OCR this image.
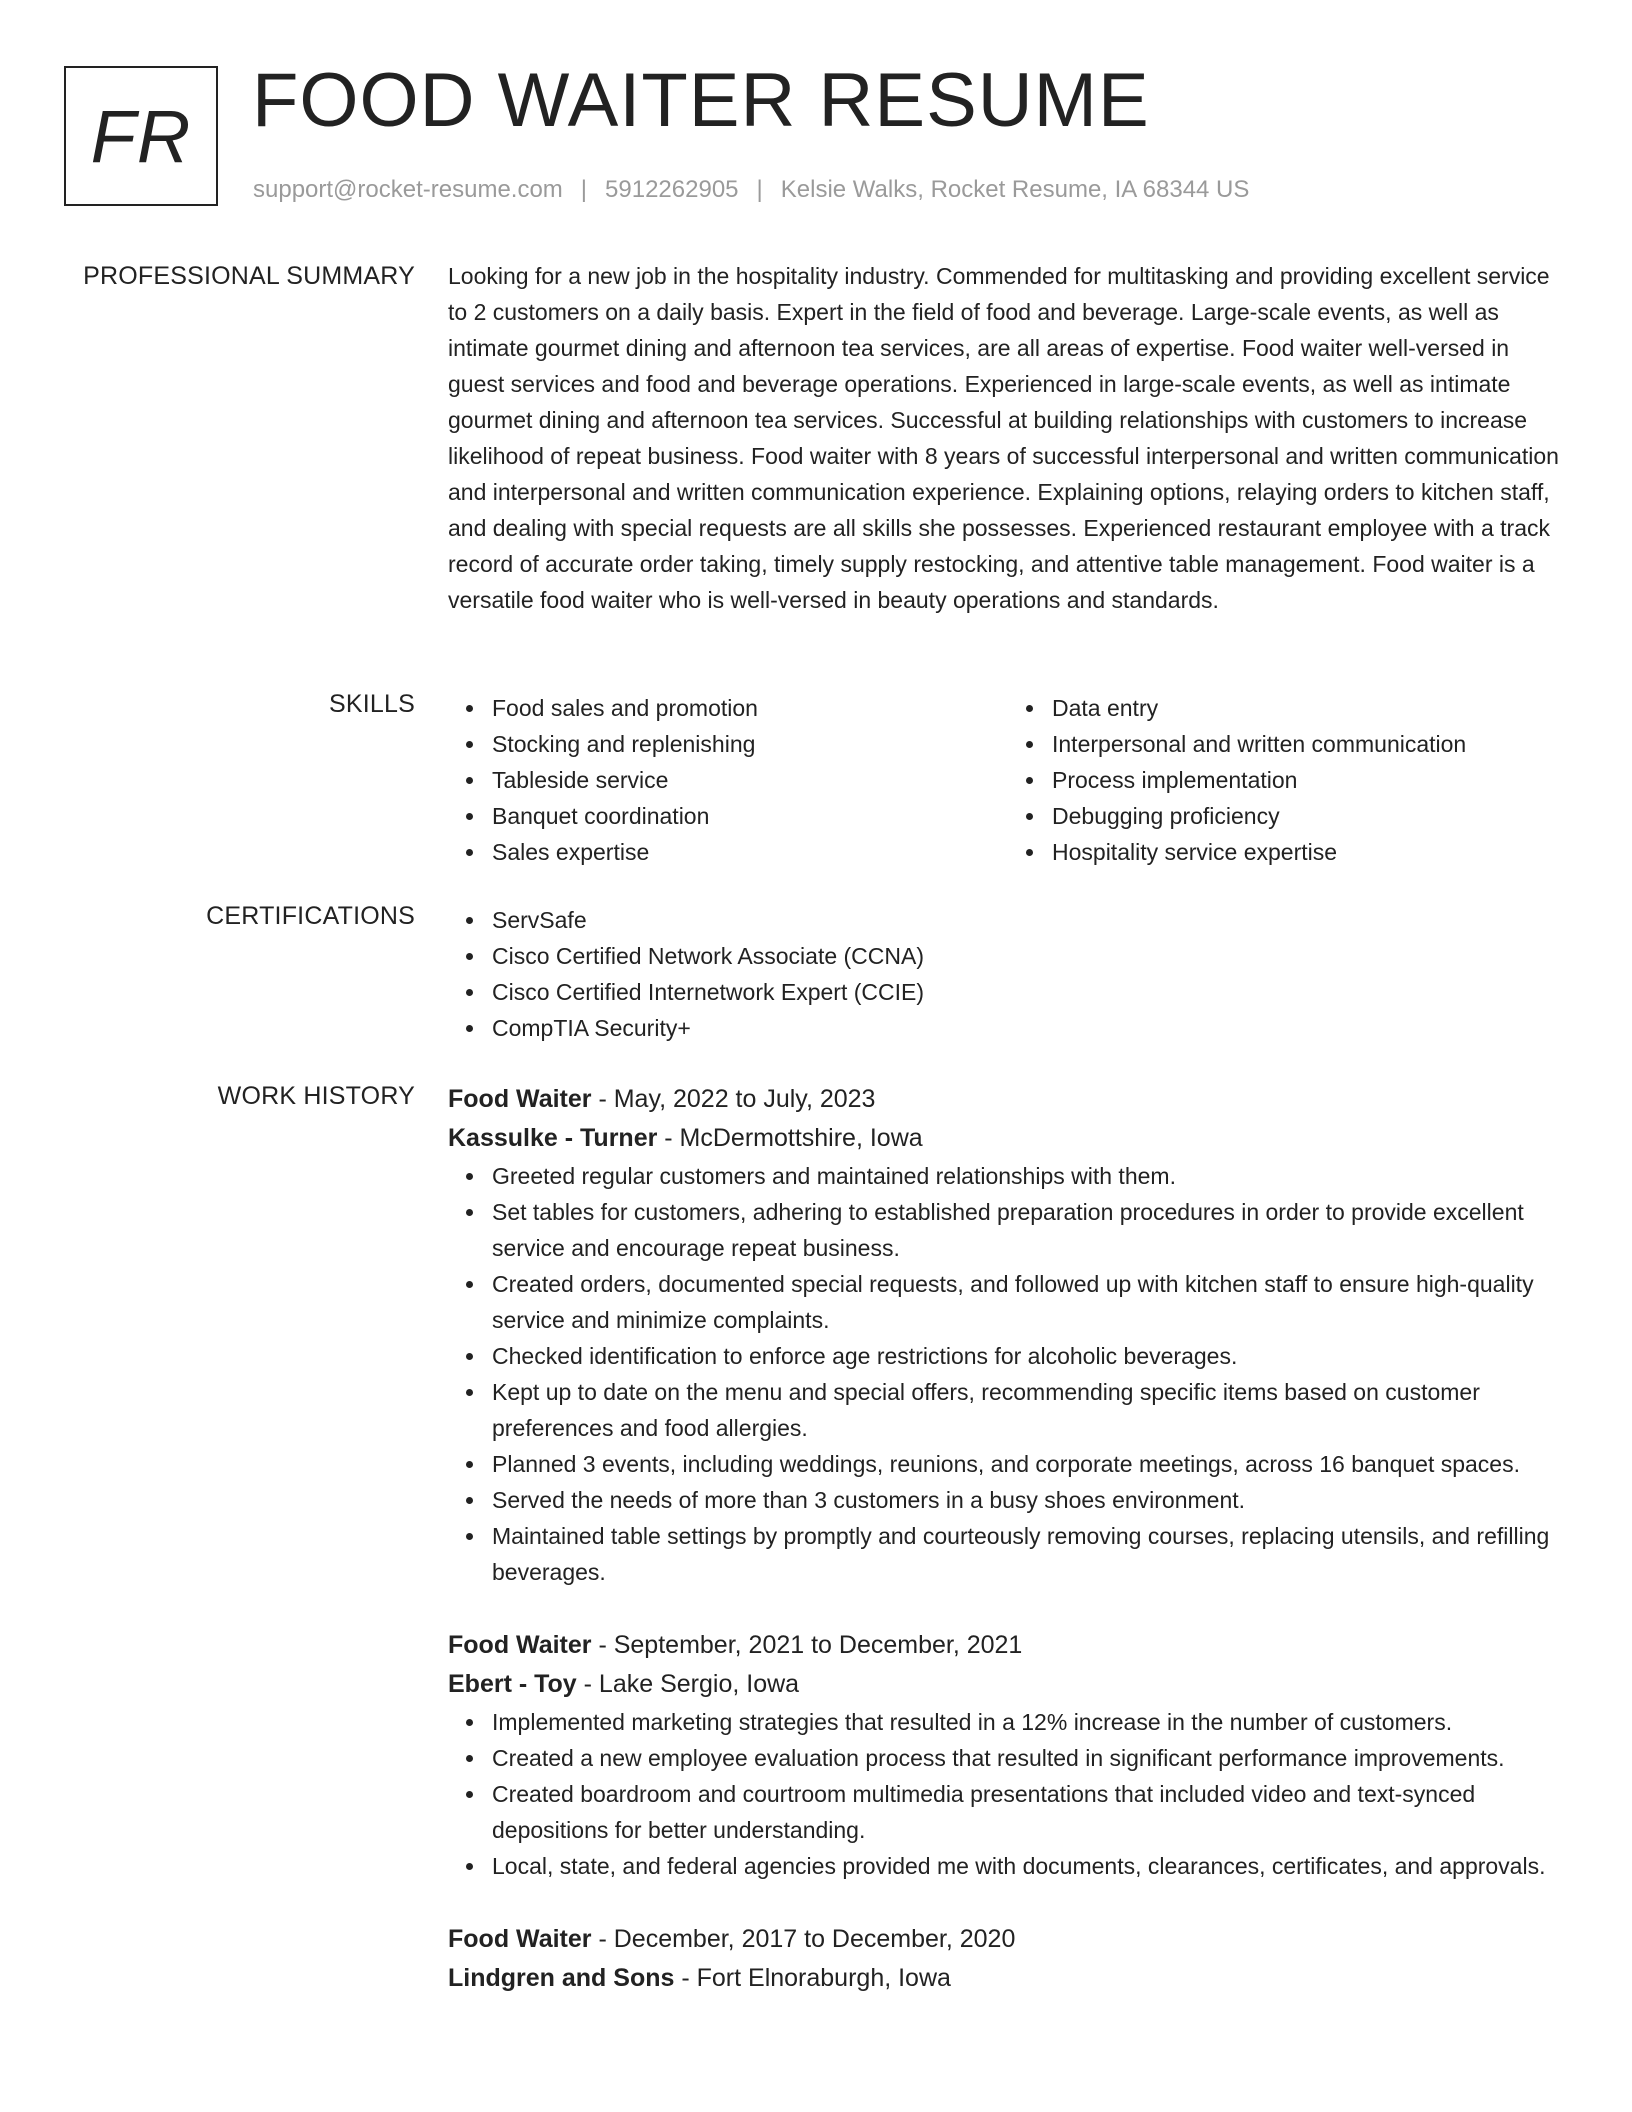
FR FOOD WAITER RESUME
support@rocket-resume.com | 5912262905 | Kelsie Walks, Rocket Resume, IA 68344 US
PROFESSIONAL SUMMARY Looking for a new job in the hospitality industry. Commended for multitasking and providing excellent service to 2 customers on a daily basis. Expert in the field of food and beverage. Large-scale events, as well as intimate gourmet dining and afternoon tea services, are all areas of expertise. Food waiter well-versed in guest services and food and beverage operations. Experienced in large-scale events, as well as intimate gourmet dining and afternoon tea services. Successful at building relationships with customers to increase likelihood of repeat business. Food waiter with 8 years of successful interpersonal and written communication and interpersonal and written communication experience. Explaining options, relaying orders to kitchen staff, and dealing with special requests are all skills she possesses. Experienced restaurant employee with a track record of accurate order taking, timely supply restocking, and attentive table management. Food waiter is a versatile food waiter who is well-versed in beauty operations and standards.

SKILLS	Food sales and promotion
Stocking and replenishing
Tableside service
Banquet coordination
Sales expertise
Data entry
Interpersonal and written communication
Process implementation
Debugging proficiency
Hospitality service expertise
CERTIFICATIONS	ServSafe
Cisco Certified Network Associate (CCNA)
Cisco Certified Internetwork Expert (CCIE)
CompTIA Security+
WORK HISTORY Food Waiter - May, 2022 to July, 2023
Kassulke - Turner - McDermottshire, Iowa
Greeted regular customers and maintained relationships with them.
Set tables for customers, adhering to established preparation procedures in order to provide excellent service and encourage repeat business.
Created orders, documented special requests, and followed up with kitchen staff to ensure high-quality service and minimize complaints.
Checked identification to enforce age restrictions for alcoholic beverages.
Kept up to date on the menu and special offers, recommending specific items based on customer preferences and food allergies.
Planned 3 events, including weddings, reunions, and corporate meetings, across 16 banquet spaces.
Served the needs of more than 3 customers in a busy shoes environment.
Maintained table settings by promptly and courteously removing courses, replacing utensils, and refilling beverages.
Food Waiter - September, 2021 to December, 2021
Ebert - Toy - Lake Sergio, Iowa
Implemented marketing strategies that resulted in a 12% increase in the number of customers.
Created a new employee evaluation process that resulted in significant performance improvements.
Created boardroom and courtroom multimedia presentations that included video and text-synced depositions for better understanding.
Local, state, and federal agencies provided me with documents, clearances, certificates, and approvals.
Food Waiter - December, 2017 to December, 2020
Lindgren and Sons - Fort Elnoraburgh, Iowa
